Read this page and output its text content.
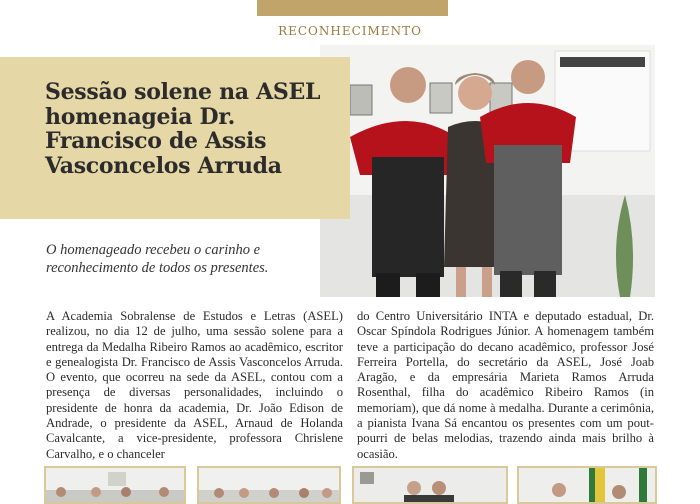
RECONHECIMENTO
Sessão solene na ASEL homenageia Dr. Francisco de Assis Vasconcelos Arruda

O homenageado recebeu o carinho e reconhecimento de todos os presentes.

A Academia Sobralense de Estudos e Letras (ASEL) realizou, no dia 12 de julho, uma sessão solene para a entrega da Medalha Ribeiro Ramos ao acadêmico, escritor e genealogista Dr. Francisco de Assis Vasconcelos Arruda. O evento, que ocorreu na sede da ASEL, contou com a presença de diversas personalidades, incluindo o presidente de honra da academia, Dr. João Edison de Andrade, o presidente da ASEL, Arnaud de Holanda Cavalcante, a vice-presidente, professora Chrislene Carvalho, e o chanceler

do Centro Universitário INTA e deputado estadual, Dr. Oscar Spíndola Rodrigues Júnior. A homenagem também teve a participação do decano acadêmico, professor José Ferreira Portella, do secretário da ASEL, José Joab Aragão, e da empresária Marieta Ramos Arruda Rosenthal, filha do acadêmico Ribeiro Ramos (in memoriam), que dá nome à medalha. Durante a cerimônia, a pianista Ivana Sá encantou os presentes com um pout-pourri de belas melodias, trazendo ainda mais brilho à ocasião.
